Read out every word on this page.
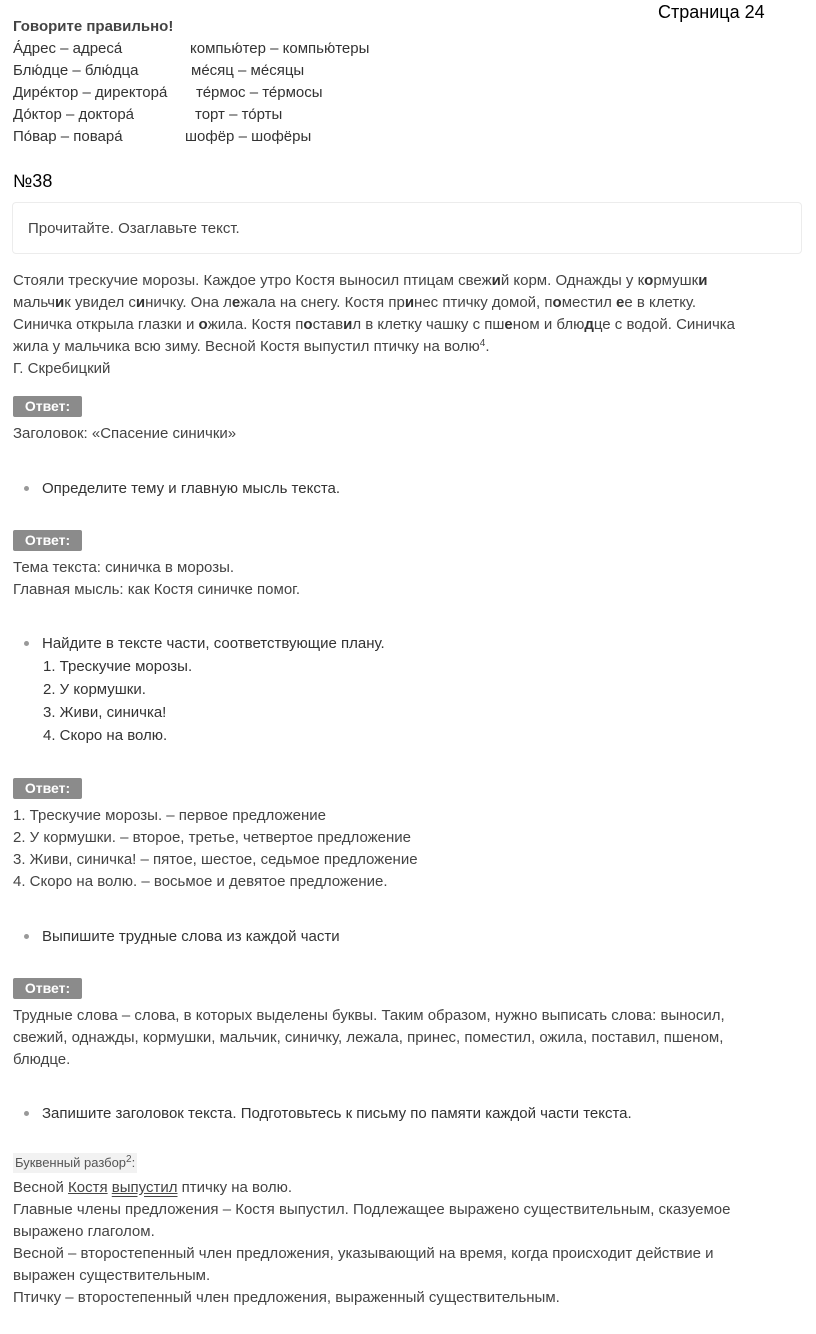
Страница 24
Говорите правильно!
А́дрес – адреса́	компью́тер – компью́теры
Блю́дце – блю́дца	ме́сяц – ме́сяцы
Дире́ктор – директора́ те́рмос – те́рмосы
До́ктор – доктора́	торт – то́рты
По́вар – повара́	шофёр – шофёры
№38
Прочитайте. Озаглавьте текст.

Стояли трескучие морозы. Каждое утро Костя выносил птицам свежий корм. Однажды у кормушки

мальчик увидел синичку. Она лежала на снегу. Костя принес птичку домой, поместил ее в клетку.

Синичка открыла глазки и ожила. Костя поставил в клетку чашку с пшеном и блюдце с водой. Синичка

жила у мальчика всю зиму. Весной Костя выпустил птичку на волю$^4$.

Г. Скребицкий

Ответ:

Заголовок: «Спасение синички»

Определите тему и главную мысль текста.
Ответ:

Тема текста: синичка в морозы.

Главная мысль: как Костя синичке помог.

Найдите в тексте части, соответствующие плану.
1. Трескучие морозы.
2. У кормушки.
3. Живи, синичка!
4. Скоро на волю.
Ответ:

1. Трескучие морозы. – первое предложение

2. У кормушки. – второе, третье, четвертое предложение

3. Живи, синичка! – пятое, шестое, седьмое предложение

4. Скоро на волю. – восьмое и девятое предложение.

Выпишите трудные слова из каждой части
Ответ:

Трудные слова – слова, в которых выделены буквы. Таким образом, нужно выписать слова: выносил,

свежий, однажды, кормушки, мальчик, синичку, лежала, принес, поместил, ожила, поставил, пшеном,

блюдце.

Запишите заголовок текста. Подготовьтесь к письму по памяти каждой части текста.
Буквенный разбор$^2$:

Весной Костя выпустил птичку на волю.

Главные члены предложения – Костя выпустил. Подлежащее выражено существительным, сказуемое

выражено глаголом.

Весной – второстепенный член предложения, указывающий на время, когда происходит действие и

выражен существительным.

Птичку – второстепенный член предложения, выраженный существительным.
